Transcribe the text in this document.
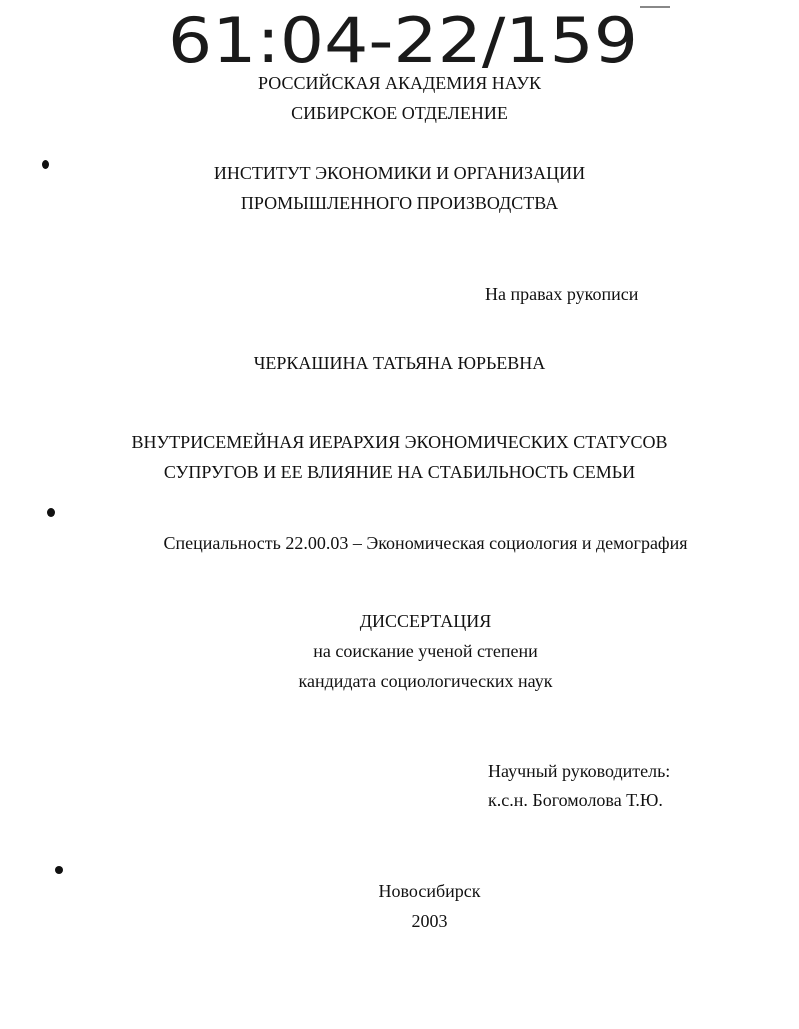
61:04-22/159
РОССИЙСКАЯ АКАДЕМИЯ НАУК
СИБИРСКОЕ ОТДЕЛЕНИЕ
ИНСТИТУТ ЭКОНОМИКИ И ОРГАНИЗАЦИИ
ПРОМЫШЛЕННОГО ПРОИЗВОДСТВА
На правах рукописи
ЧЕРКАШИНА ТАТЬЯНА ЮРЬЕВНА
ВНУТРИСЕМЕЙНАЯ ИЕРАРХИЯ ЭКОНОМИЧЕСКИХ СТАТУСОВ
СУПРУГОВ И ЕЕ ВЛИЯНИЕ НА СТАБИЛЬНОСТЬ СЕМЬИ
Специальность 22.00.03 – Экономическая социология и демография
ДИССЕРТАЦИЯ
на соискание ученой степени
кандидата социологических наук
Научный руководитель:
к.с.н. Богомолова Т.Ю.
Новосибирск
2003
